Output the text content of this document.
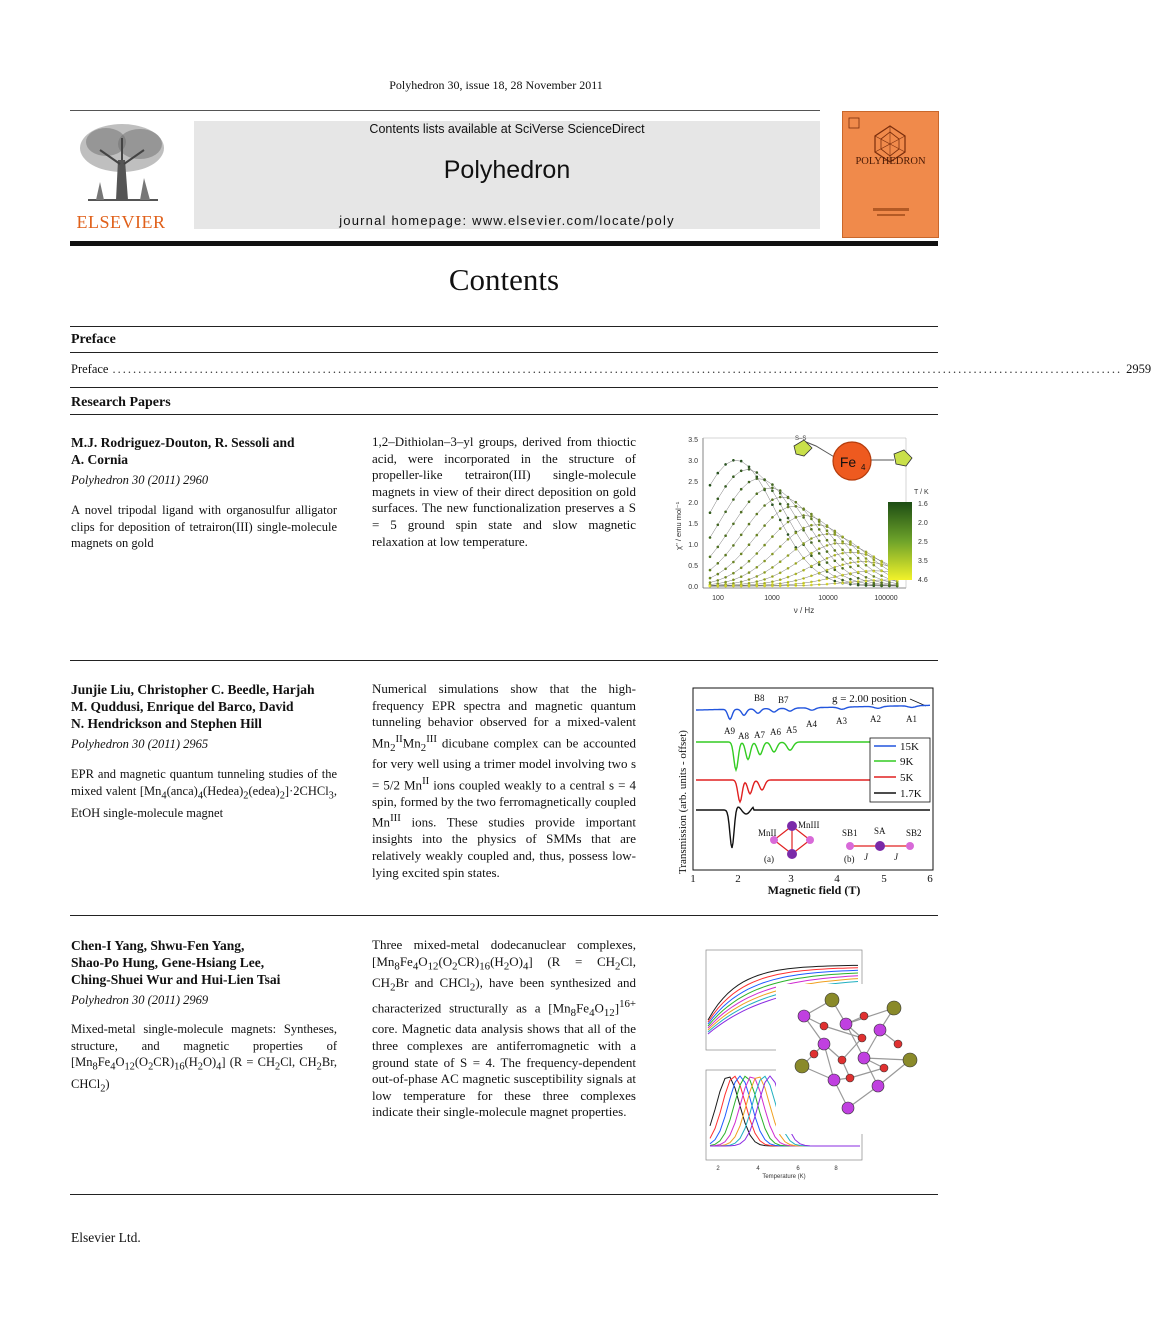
Polyhedron 30, issue 18, 28 November 2011
ELSEVIER
Contents lists available at SciVerse ScienceDirect
Polyhedron
journal homepage: www.elsevier.com/locate/poly
POLYHEDRON
Contents
Preface
Preface ..................................................................................................................................................................................................... 2959
Research Papers
M.J. Rodriguez-Douton, R. Sessoli and
A. Cornia
Polyhedron 30 (2011) 2960
A novel tripodal ligand with organosulfur alligator clips for deposition of tetrairon(III) single-molecule magnets on gold
1,2–Dithiolan–3–yl groups, derived from thioctic acid, were incorporated in the structure of propeller-like tetrairon(III) single-molecule magnets in view of their direct deposition on gold surfaces. The new functionalization preserves a S = 5 ground spin state and slow magnetic relaxation at low temperature.
3.5
3.0
2.5
2.0
1.5
1.0
0.5
0.0
100	1000	10000	100000
ν / Hz
χ'' / emu mol⁻¹
S–S
Fe 4
T / K
1.6
2.0
2.5
3.5
4.6
Junjie Liu, Christopher C. Beedle, Harjah
M. Quddusi, Enrique del Barco, David
N. Hendrickson and Stephen Hill
Polyhedron 30 (2011) 2965
EPR and magnetic quantum tunneling studies of the mixed valent $[Mn_4(anca)_4(Hedea)_2(edea)_2]\cdot 2CHCl_3$, EtOH single-molecule magnet
Numerical simulations show that the high-frequency EPR spectra and magnetic quantum tunneling behavior observed for a mixed-valent $Mn_2^{II}Mn_2^{III}$ dicubane complex can be accounted for very well using a trimer model involving two s = 5/2 $Mn^{II}$ ions coupled weakly to a central s = 4 spin, formed by the two ferromagnetically coupled $Mn^{III}$ ions. These studies provide important insights into the physics of SMMs that are relatively weakly coupled and, thus, possess low-lying excited spin states.	Transmission (arb. units - offset)
1	2	3	4	5	6
Magnetic field (T)
g = 2.00 position
B8 B7
A9 A8 A7 A6 A5
A4 A3	A2	A1
15K
9K
5K
1.7K
MnII
MnIII
(a)
SB1 SA SB2
J	J
(b)
Chen-I Yang, Shwu-Fen Yang,
Shao-Po Hung, Gene-Hsiang Lee,
Ching-Shuei Wur and Hui-Lien Tsai
Polyhedron 30 (2011) 2969
Mixed-metal single-molecule magnets: Syntheses, structure, and magnetic properties of $[Mn_8Fe_4O_{12}(O_2CR)_{16}(H_2O)_4] (R = CH_2Cl$, $CH_2Br$, CHCl$_2$)
Three mixed-metal dodecanuclear complexes, $[Mn_8Fe_4O_{12}(O_2CR)_{16}(H_2O)_4] (R = CH_2Cl$, $CH_2Br$ and CHCl$_2$), have been synthesized and characterized structurally as a $[Mn_8Fe_4O_{12}]^{16+}$ core. Magnetic data analysis shows that all of the three complexes are antiferromagnetic with a ground state of S = 4. The frequency-dependent out-of-phase AC magnetic susceptibility signals at low temperature for these three complexes indicate their single-molecule magnet properties.
2	4	6	8
Temperature (K)
Elsevier Ltd.
